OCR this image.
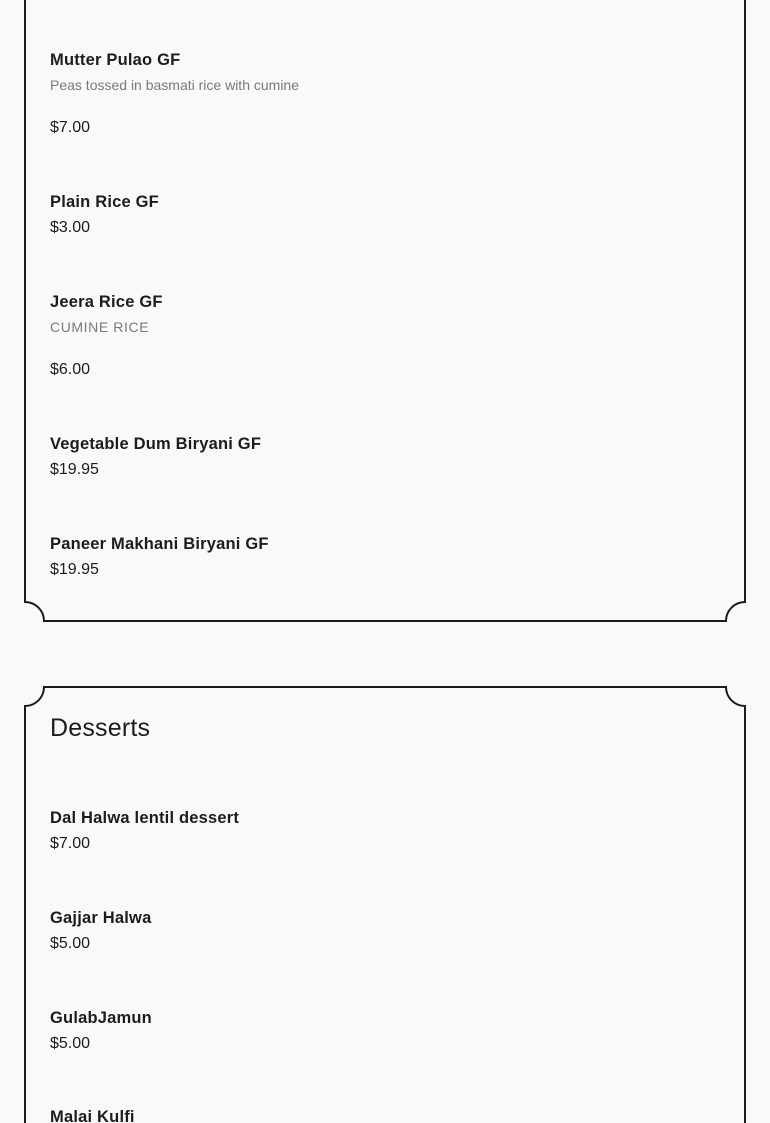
Mutter Pulao GF

Peas tossed in basmati rice with cumine

$7.00

Plain Rice GF

$3.00

Jeera Rice GF

CUMINE RICE

$6.00

Vegetable Dum Biryani GF

$19.95

Paneer Makhani Biryani GF

$19.95

Desserts
Dal Halwa lentil dessert

$7.00

Gajjar Halwa

$5.00

GulabJamun

$5.00

Malai Kulfi
